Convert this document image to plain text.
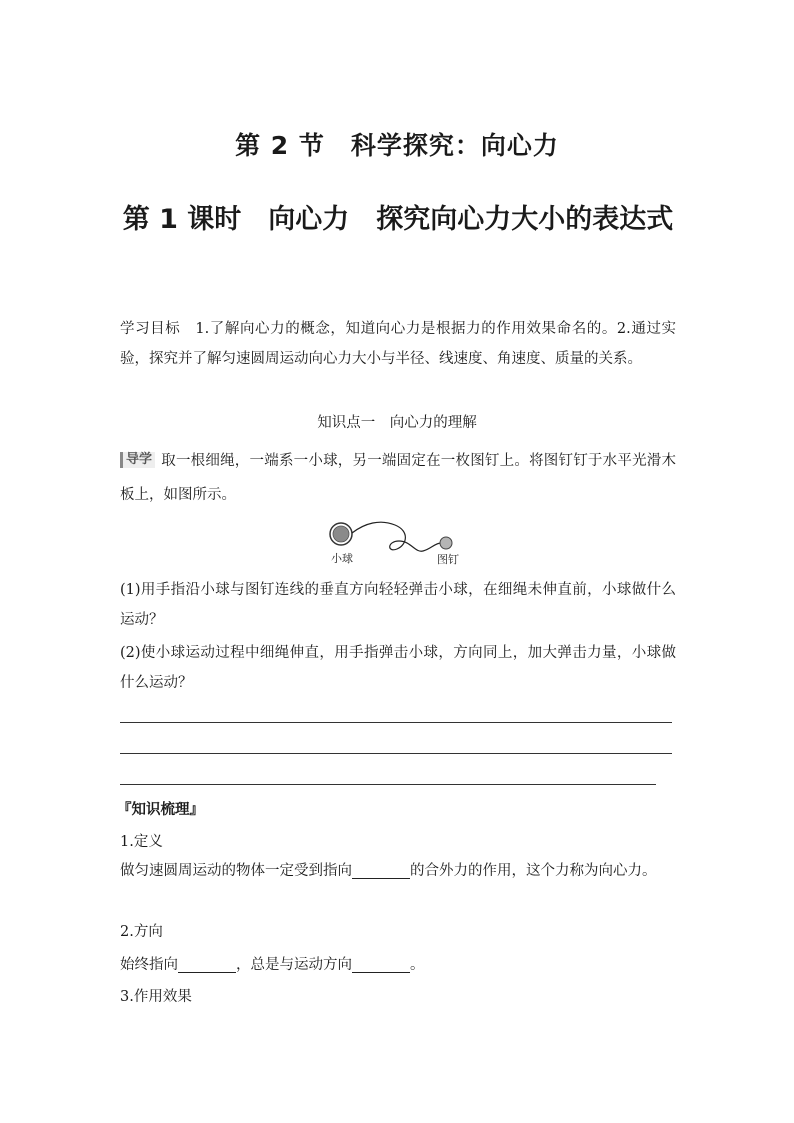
第 2 节　科学探究：向心力
第 1 课时　向心力　探究向心力大小的表达式
学习目标　1.了解向心力的概念，知道向心力是根据力的作用效果命名的。2.通过实验，探究并了解匀速圆周运动向心力大小与半径、线速度、角速度、质量的关系。
知识点一　向心力的理解
导学 取一根细绳，一端系一小球，另一端固定在一枚图钉上。将图钉钉于水平光滑木板上，如图所示。
小球	图钉
(1)用手指沿小球与图钉连线的垂直方向轻轻弹击小球，在细绳未伸直前，小球做什么运动？
(2)使小球运动过程中细绳伸直，用手指弹击小球，方向同上，加大弹击力量，小球做什么运动？
『知识梳理』
1.定义
做匀速圆周运动的物体一定受到指向	的合外力的作用，这个力称为向心力。
2.方向
始终指向	，总是与运动方向	。
3.作用效果
